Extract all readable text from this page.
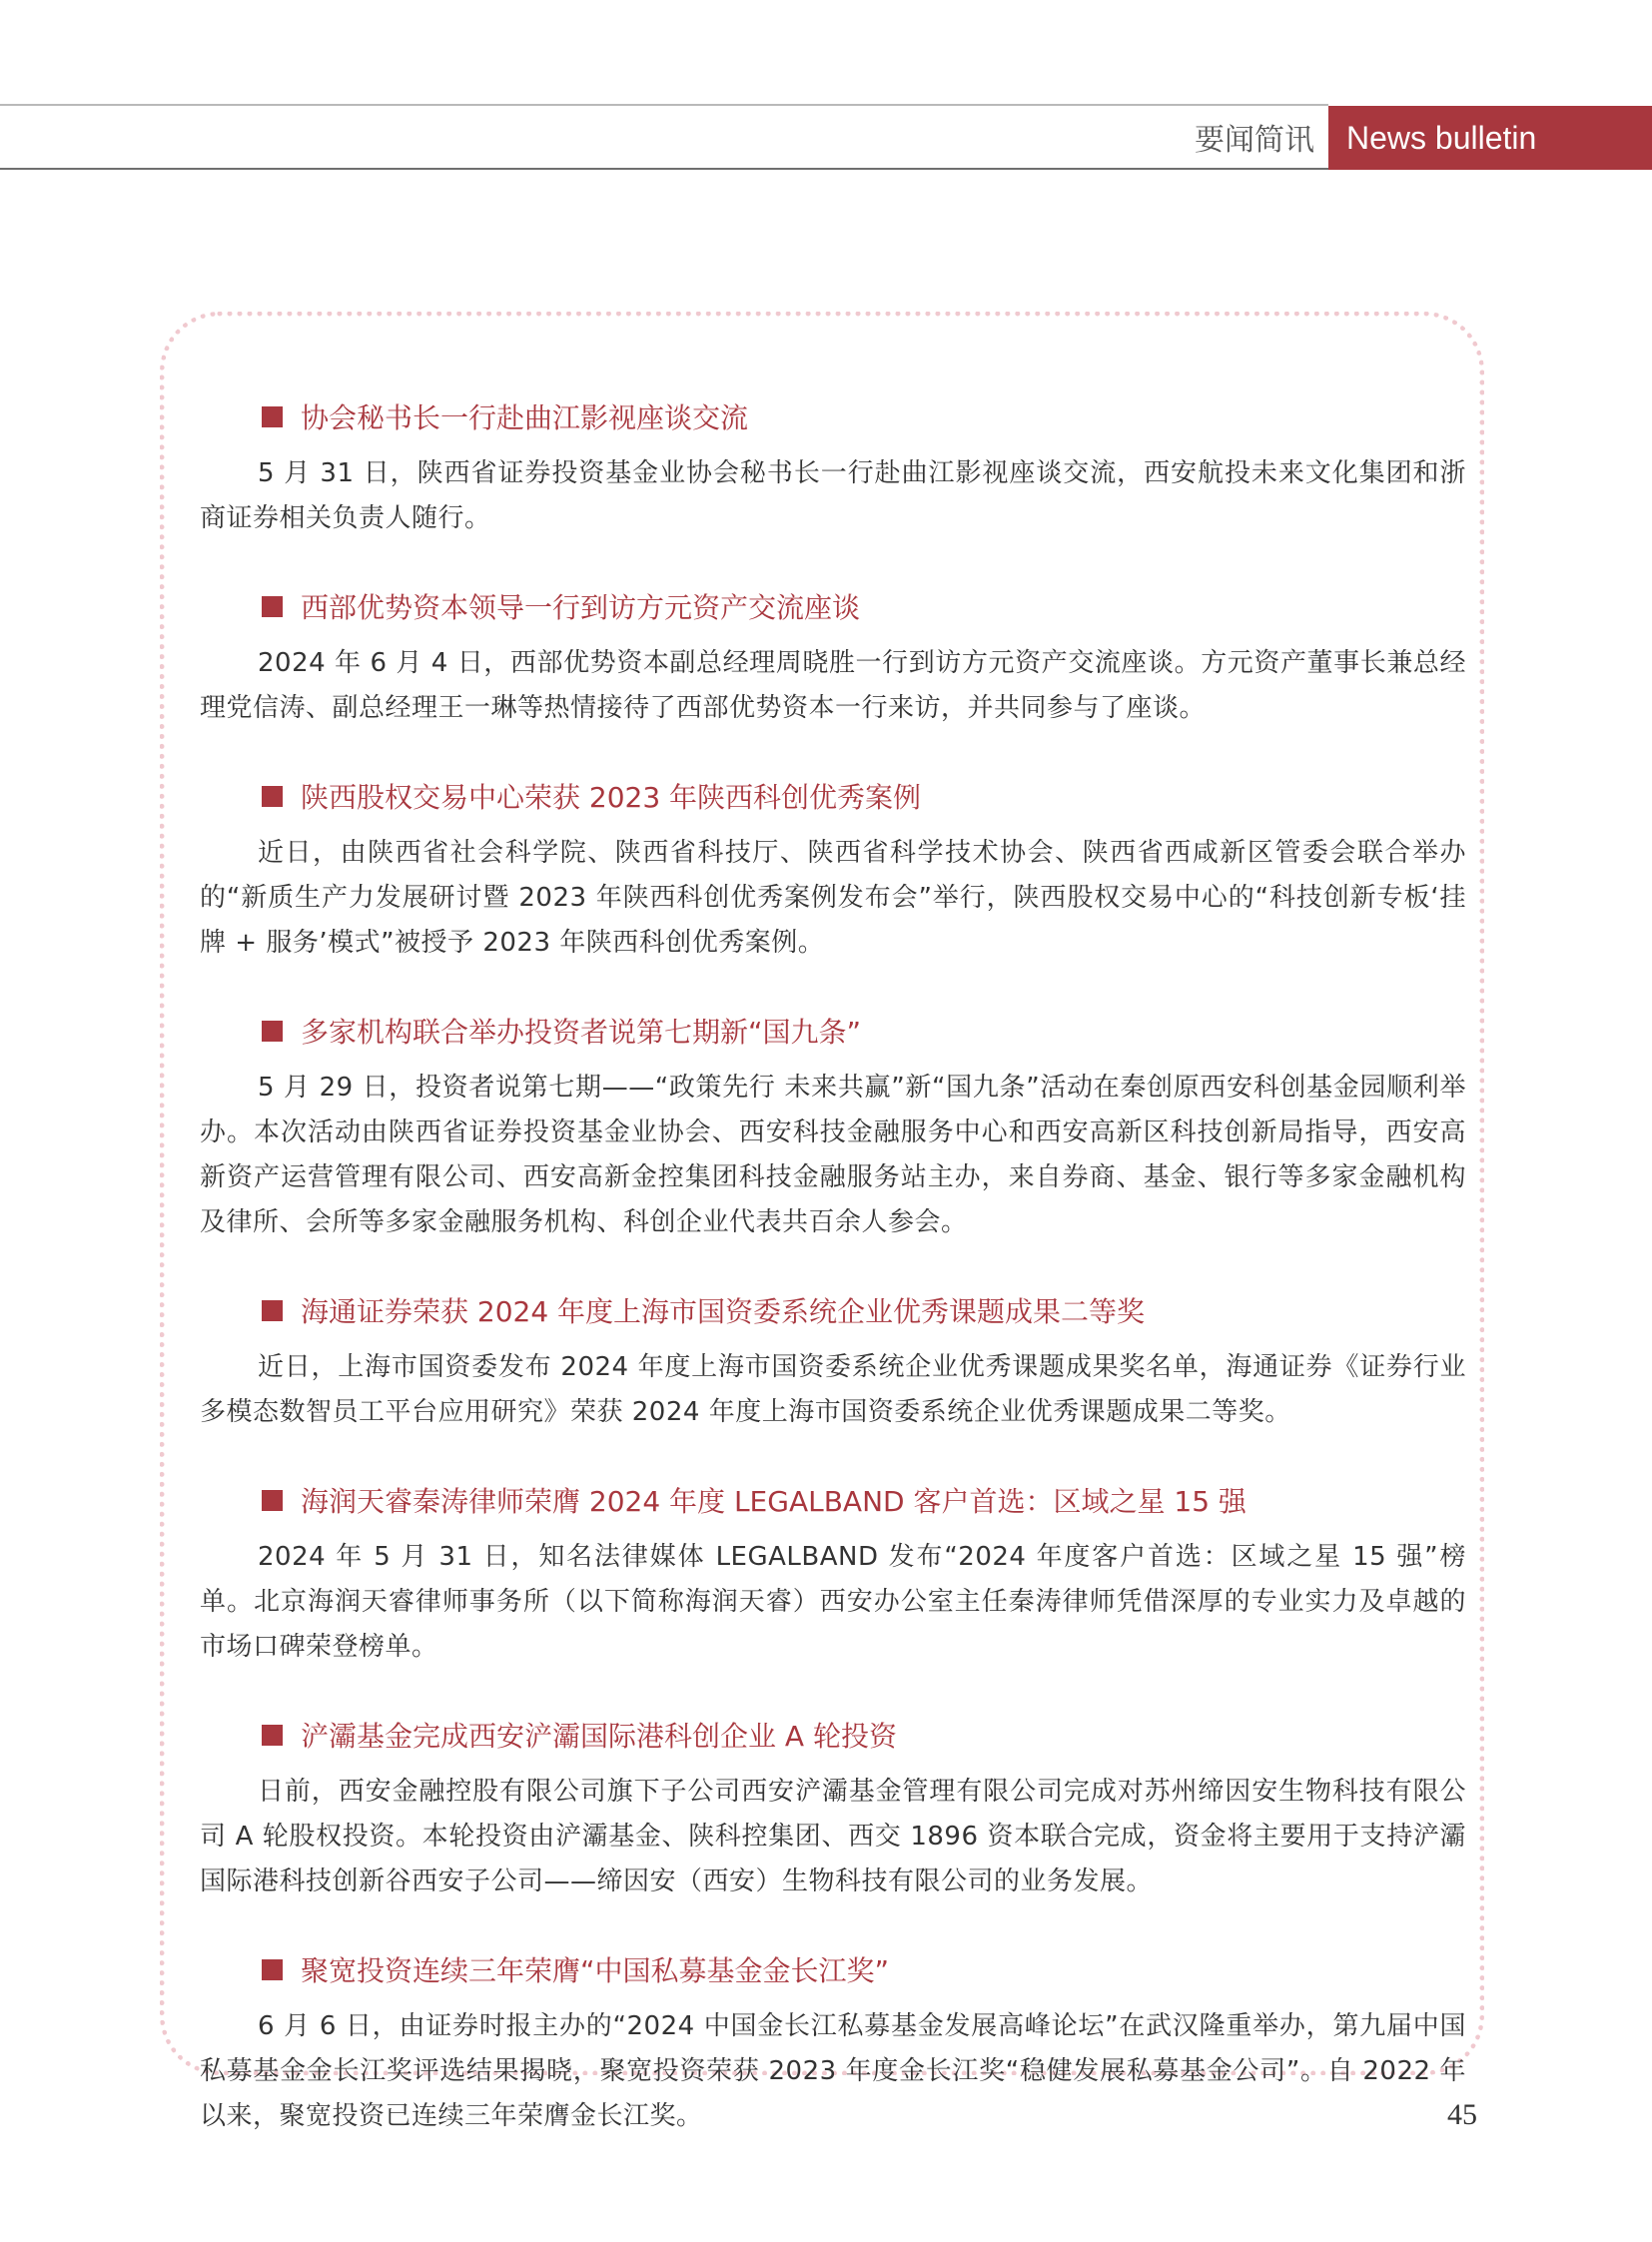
要闻简讯 News bulletin
协会秘书长一行赴曲江影视座谈交流

5 月 31 日，陕西省证券投资基金业协会秘书长一行赴曲江影视座谈交流，西安航投未来文化集团和浙商证券相关负责人随行。

西部优势资本领导一行到访方元资产交流座谈

2024 年 6 月 4 日，西部优势资本副总经理周晓胜一行到访方元资产交流座谈。方元资产董事长兼总经理党信涛、副总经理王一琳等热情接待了西部优势资本一行来访，并共同参与了座谈。

陕西股权交易中心荣获 2023 年陕西科创优秀案例

近日，由陕西省社会科学院、陕西省科技厅、陕西省科学技术协会、陕西省西咸新区管委会联合举办的“新质生产力发展研讨暨 2023 年陕西科创优秀案例发布会”举行，陕西股权交易中心的“科技创新专板‘挂牌 + 服务’模式”被授予 2023 年陕西科创优秀案例。

多家机构联合举办投资者说第七期新“国九条”

5 月 29 日，投资者说第七期——“政策先行 未来共赢”新“国九条”活动在秦创原西安科创基金园顺利举办。本次活动由陕西省证券投资基金业协会、西安科技金融服务中心和西安高新区科技创新局指导，西安高新资产运营管理有限公司、西安高新金控集团科技金融服务站主办，来自券商、基金、银行等多家金融机构及律所、会所等多家金融服务机构、科创企业代表共百余人参会。

海通证券荣获 2024 年度上海市国资委系统企业优秀课题成果二等奖

近日，上海市国资委发布 2024 年度上海市国资委系统企业优秀课题成果奖名单，海通证券《证券行业多模态数智员工平台应用研究》荣获 2024 年度上海市国资委系统企业优秀课题成果二等奖。

海润天睿秦涛律师荣膺 2024 年度 LEGALBAND 客户首选：区域之星 15 强

2024 年 5 月 31 日，知名法律媒体 LEGALBAND 发布“2024 年度客户首选：区域之星 15 强”榜单。北京海润天睿律师事务所（以下简称海润天睿）西安办公室主任秦涛律师凭借深厚的专业实力及卓越的市场口碑荣登榜单。

浐灞基金完成西安浐灞国际港科创企业 A 轮投资

日前，西安金融控股有限公司旗下子公司西安浐灞基金管理有限公司完成对苏州缔因安生物科技有限公司 A 轮股权投资。本轮投资由浐灞基金、陕科控集团、西交 1896 资本联合完成，资金将主要用于支持浐灞国际港科技创新谷西安子公司——缔因安（西安）生物科技有限公司的业务发展。

聚宽投资连续三年荣膺“中国私募基金金长江奖”

6 月 6 日，由证券时报主办的“2024 中国金长江私募基金发展高峰论坛”在武汉隆重举办，第九届中国私募基金金长江奖评选结果揭晓，聚宽投资荣获 2023 年度金长江奖“稳健发展私募基金公司”。自 2022 年以来，聚宽投资已连续三年荣膺金长江奖。	45
